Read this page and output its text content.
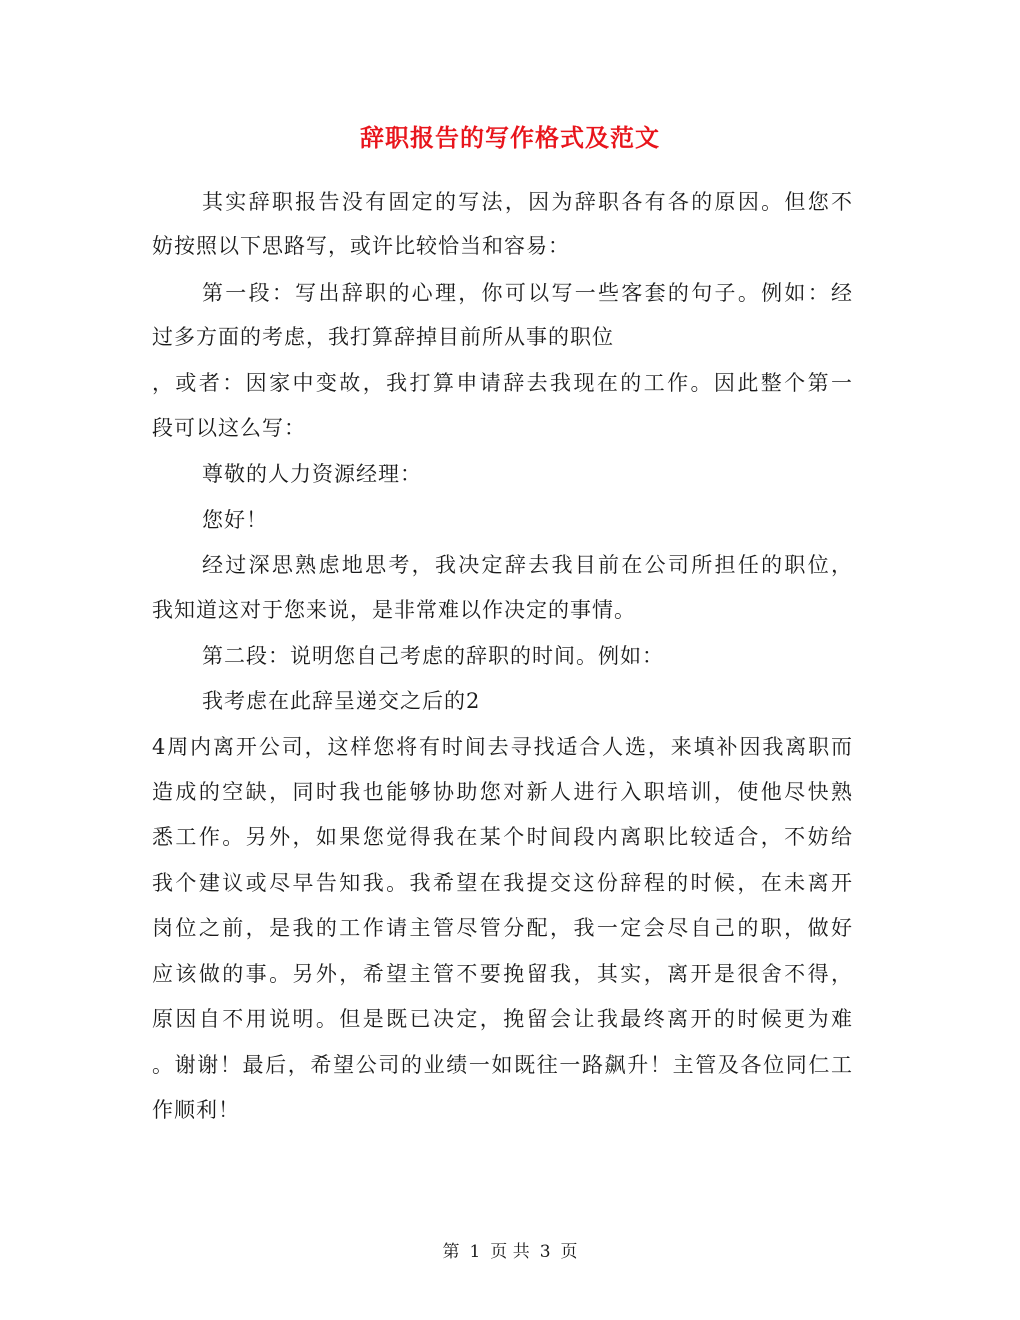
辞职报告的写作格式及范文
其实辞职报告没有固定的写法，因为辞职各有各的原因。但您不
妨按照以下思路写，或许比较恰当和容易：
第一段：写出辞职的心理，你可以写一些客套的句子。例如：经
过多方面的考虑，我打算辞掉目前所从事的职位
，或者：因家中变故，我打算申请辞去我现在的工作。因此整个第一
段可以这么写：
尊敬的人力资源经理：
您好！
经过深思熟虑地思考，我决定辞去我目前在公司所担任的职位，
我知道这对于您来说，是非常难以作决定的事情。
第二段：说明您自己考虑的辞职的时间。例如：
我考虑在此辞呈递交之后的2
4周内离开公司，这样您将有时间去寻找适合人选，来填补因我离职而
造成的空缺，同时我也能够协助您对新人进行入职培训，使他尽快熟
悉工作。另外，如果您觉得我在某个时间段内离职比较适合，不妨给
我个建议或尽早告知我。我希望在我提交这份辞程的时候，在未离开
岗位之前，是我的工作请主管尽管分配，我一定会尽自己的职，做好
应该做的事。另外，希望主管不要挽留我，其实，离开是很舍不得，
原因自不用说明。但是既已决定，挽留会让我最终离开的时候更为难
。谢谢！最后，希望公司的业绩一如既往一路飙升！主管及各位同仁工
作顺利！
第 1 页 共 3 页
